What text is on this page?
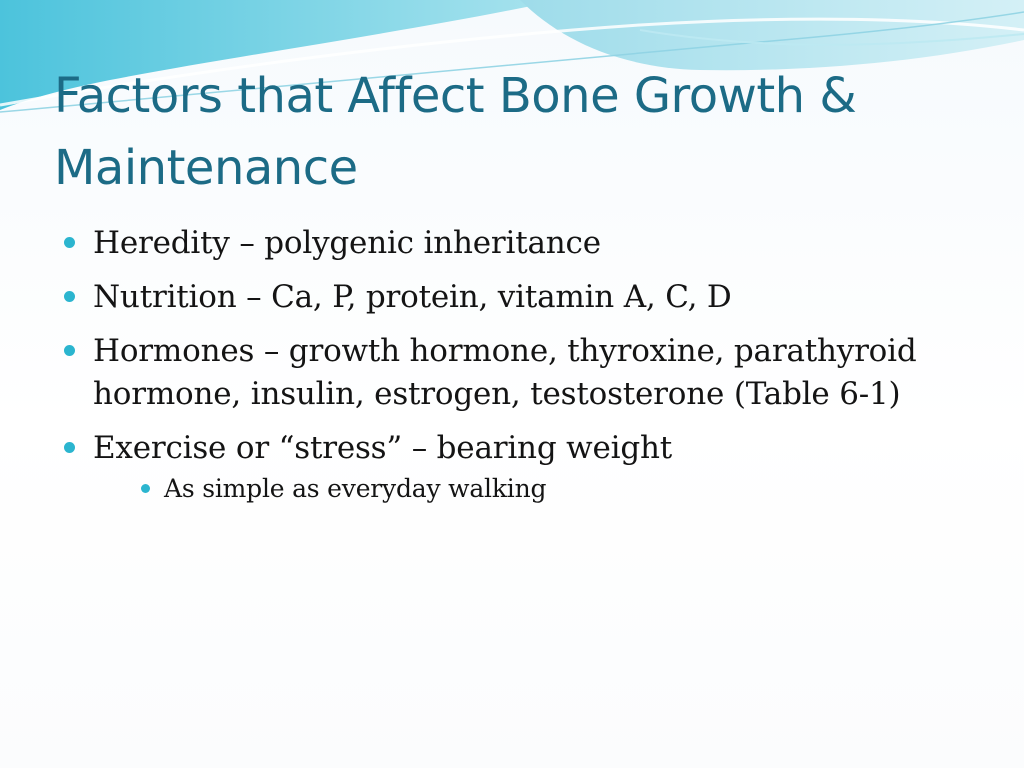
Factors that Affect Bone Growth & Maintenance
Heredity – polygenic inheritance
Nutrition – Ca, P, protein, vitamin A, C, D
Hormones – growth hormone, thyroxine, parathyroid hormone, insulin, estrogen, testosterone (Table 6-1)
Exercise or “stress” – bearing weight
As simple as everyday walking
